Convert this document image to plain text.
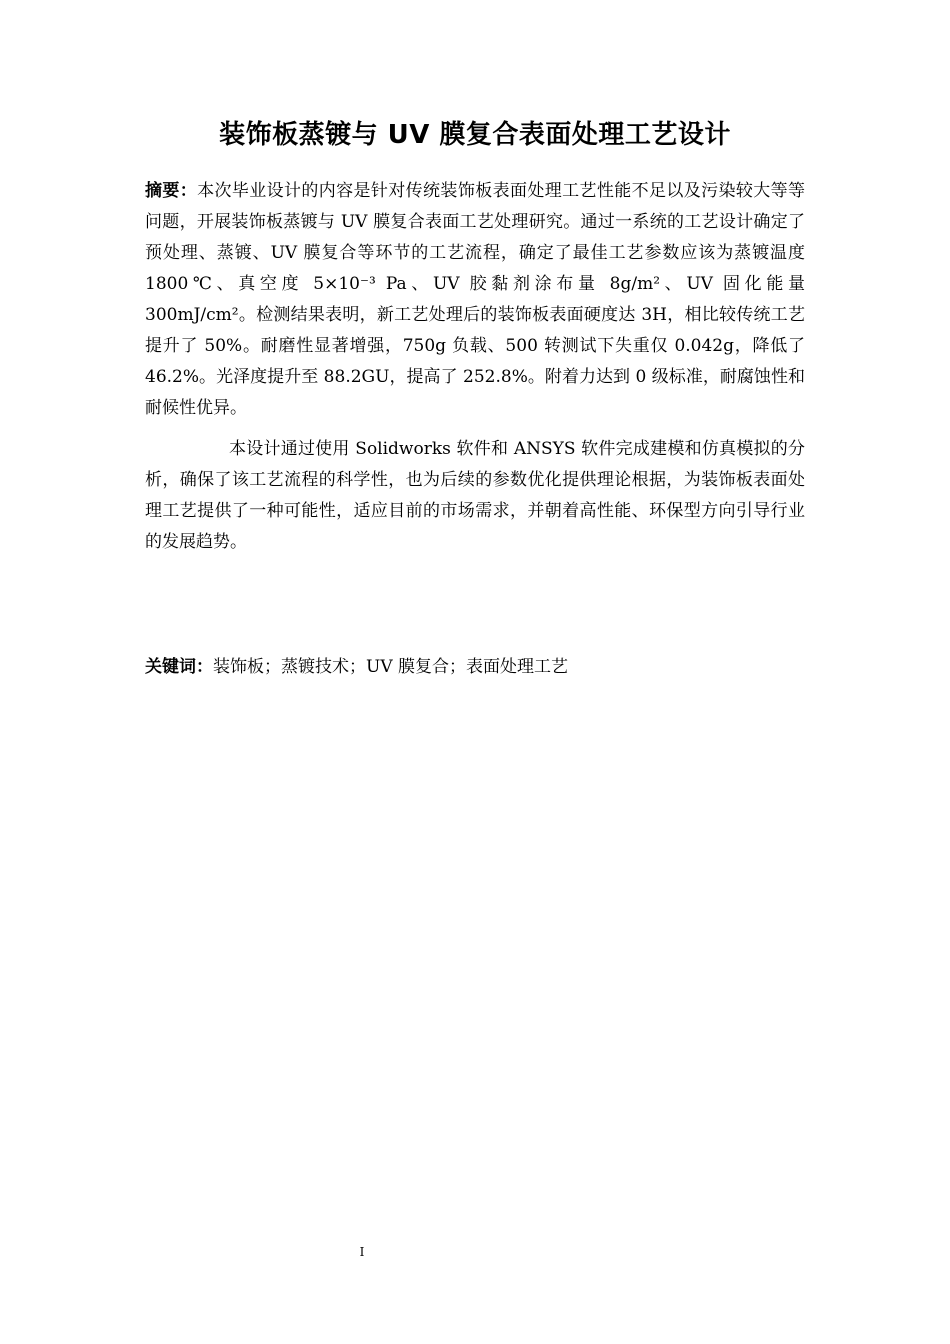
装饰板蒸镀与 UV 膜复合表面处理工艺设计

摘要：本次毕业设计的内容是针对传统装饰板表面处理工艺性能不足以及污染较大等等问题，开展装饰板蒸镀与 UV 膜复合表面工艺处理研究。通过一系统的工艺设计确定了预处理、蒸镀、UV 膜复合等环节的工艺流程，确定了最佳工艺参数应该为蒸镀温度 1800℃、真空度 5×10⁻³ Pa、UV 胶黏剂涂布量 8g/m²、UV 固化能量 300mJ/cm²。检测结果表明，新工艺处理后的装饰板表面硬度达 3H，相比较传统工艺提升了 50%。耐磨性显著增强，750g 负载、500 转测试下失重仅 0.042g，降低了 46.2%。光泽度提升至 88.2GU，提高了 252.8%。附着力达到 0 级标准，耐腐蚀性和耐候性优异。

本设计通过使用 Solidworks 软件和 ANSYS 软件完成建模和仿真模拟的分析，确保了该工艺流程的科学性，也为后续的参数优化提供理论根据，为装饰板表面处理工艺提供了一种可能性，适应目前的市场需求，并朝着高性能、环保型方向引导行业的发展趋势。

关键词：装饰板；蒸镀技术；UV 膜复合；表面处理工艺
I
